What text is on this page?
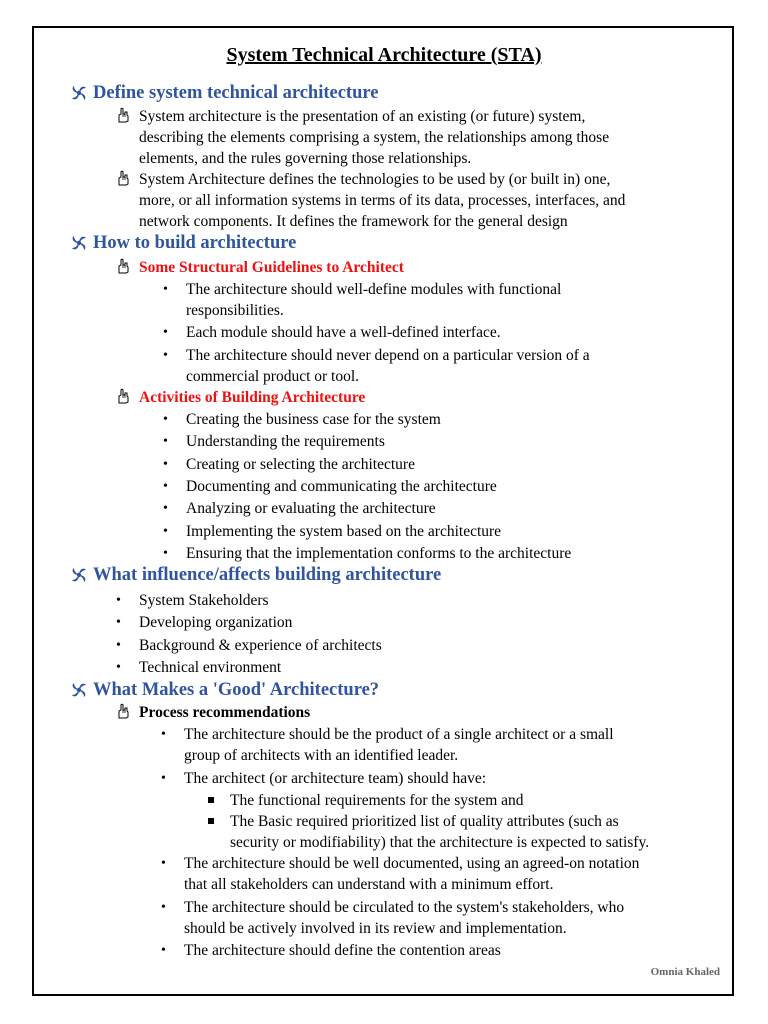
System Technical Architecture (STA)
Define system technical architecture
System architecture is the presentation of an existing (or future) system,
describing the elements comprising a system, the relationships among those
elements, and the rules governing those relationships.
System Architecture defines the technologies to be used by (or built in) one,
more, or all information systems in terms of its data, processes, interfaces, and
network components. It defines the framework for the general design
How to build architecture
Some Structural Guidelines to Architect
• The architecture should well-define modules with functional
responsibilities.
• Each module should have a well-defined interface.
• The architecture should never depend on a particular version of a
commercial product or tool.
Activities of Building Architecture
• Creating the business case for the system
• Understanding the requirements
• Creating or selecting the architecture
• Documenting and communicating the architecture
• Analyzing or evaluating the architecture
• Implementing the system based on the architecture
• Ensuring that the implementation conforms to the architecture
What influence/affects building architecture
• System Stakeholders
• Developing organization
• Background & experience of architects
• Technical environment
What Makes a 'Good' Architecture?
Process recommendations
• The architecture should be the product of a single architect or a small
group of architects with an identified leader.
• The architect (or architecture team) should have:
The functional requirements for the system and
The Basic required prioritized list of quality attributes (such as
security or modifiability) that the architecture is expected to satisfy.
• The architecture should be well documented, using an agreed-on notation
that all stakeholders can understand with a minimum effort.
• The architecture should be circulated to the system's stakeholders, who
should be actively involved in its review and implementation.
• The architecture should define the contention areas
Omnia Khaled
